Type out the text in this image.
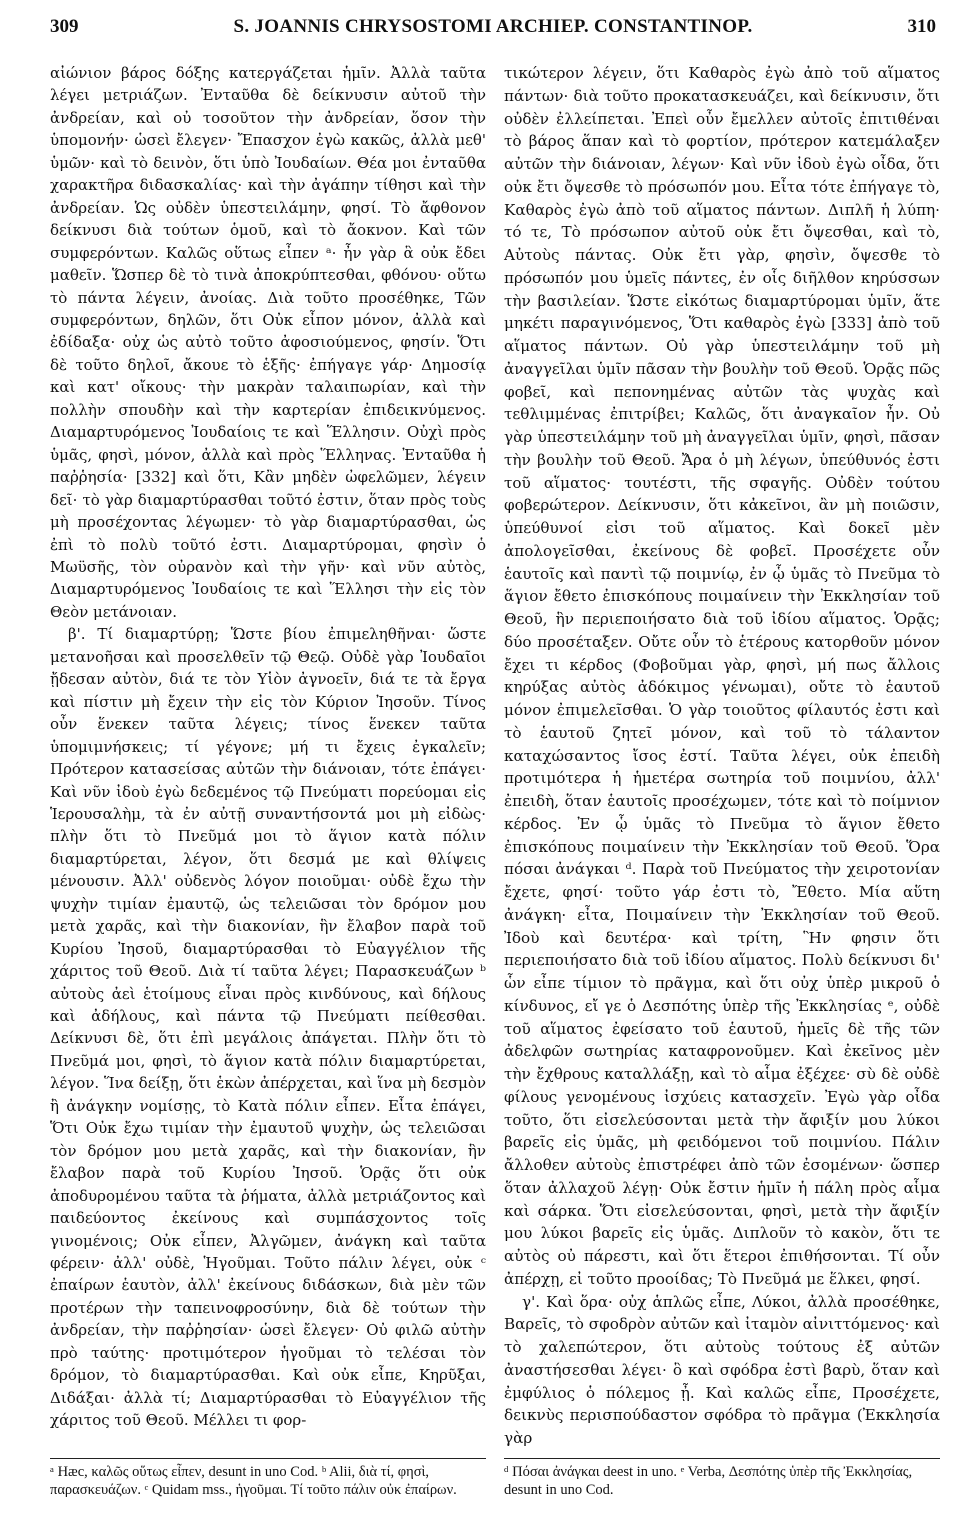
309	S. JOANNIS CHRYSOSTOMI ARCHIEP. CONSTANTINOP.	310

αἰώνιον βάρος δόξης κατεργάζεται ἡμῖν. Ἀλλὰ ταῦτα λέγει μετριάζων. Ἐνταῦθα δὲ δείκνυσιν αὐτοῦ τὴν ἀνδρείαν, καὶ οὐ τοσοῦτον τὴν ἀνδρείαν, ὅσον τὴν ὑπομονήν· ὡσεὶ ἔλεγεν· Ἔπασχον ἐγὼ κακῶς, ἀλλὰ μεθ' ὑμῶν· καὶ τὸ δεινὸν, ὅτι ὑπὸ Ἰουδαίων. Θέα μοι ἐνταῦθα χαρακτῆρα διδασκαλίας· καὶ τὴν ἀγάπην τίθησι καὶ τὴν ἀνδρείαν. Ὡς οὐδὲν ὑπεστειλάμην, φησί. Τὸ ἄφθονον δείκνυσι διὰ τούτων ὁμοῦ, καὶ τὸ ἄοκνον. Καὶ τῶν συμφερόντων. Καλῶς οὕτως εἶπεν ᵃ· ἦν γὰρ ἃ οὐκ ἔδει μαθεῖν. Ὥσπερ δὲ τὸ τινὰ ἀποκρύπτεσθαι, φθόνου· οὕτω τὸ πάντα λέγειν, ἀνοίας. Διὰ τοῦτο προσέθηκε, Τῶν συμφερόντων, δηλῶν, ὅτι Οὐκ εἶπον μόνον, ἀλλὰ καὶ ἐδίδαξα· οὐχ ὡς αὐτὸ τοῦτο ἀφοσιούμενος, φησίν. Ὅτι δὲ τοῦτο δηλοῖ, ἄκουε τὸ ἑξῆς· ἐπήγαγε γάρ· Δημοσίᾳ καὶ κατ' οἴκους· τὴν μακρὰν ταλαιπωρίαν, καὶ τὴν πολλὴν σπουδὴν καὶ τὴν καρτερίαν ἐπιδεικνύμενος. Διαμαρτυρόμενος Ἰουδαίοις τε καὶ Ἕλλησιν. Οὐχὶ πρὸς ὑμᾶς, φησὶ, μόνον, ἀλλὰ καὶ πρὸς Ἕλληνας. Ἐνταῦθα ἡ παῤῥησία· [332] καὶ ὅτι, Κἂν μηδὲν ὠφελῶμεν, λέγειν δεῖ· τὸ γὰρ διαμαρτύρασθαι τοῦτό ἐστιν, ὅταν πρὸς τοὺς μὴ προσέχοντας λέγωμεν· τὸ γὰρ διαμαρτύρασθαι, ὡς ἐπὶ τὸ πολὺ τοῦτό ἐστι. Διαμαρτύρομαι, φησὶν ὁ Μωϋσῆς, τὸν οὐρανὸν καὶ τὴν γῆν· καὶ νῦν αὐτὸς, Διαμαρτυρόμενος Ἰουδαίοις τε καὶ Ἕλλησι τὴν εἰς τὸν Θεὸν μετάνοιαν.

β'. Τί διαμαρτύρῃ; Ὥστε βίου ἐπιμεληθῆναι· ὥστε μετανοῆσαι καὶ προσελθεῖν τῷ Θεῷ. Οὐδὲ γὰρ Ἰουδαῖοι ᾔδεσαν αὐτὸν, διά τε τὸν Υἱὸν ἀγνοεῖν, διά τε τὰ ἔργα καὶ πίστιν μὴ ἔχειν τὴν εἰς τὸν Κύριον Ἰησοῦν. Τίνος οὖν ἕνεκεν ταῦτα λέγεις; τίνος ἕνεκεν ταῦτα ὑπομιμνήσκεις; τί γέγονε; μή τι ἔχεις ἐγκαλεῖν; Πρότερον κατασείσας αὐτῶν τὴν διάνοιαν, τότε ἐπάγει· Καὶ νῦν ἰδοὺ ἐγὼ δεδεμένος τῷ Πνεύματι πορεύομαι εἰς Ἱερουσαλὴμ, τὰ ἐν αὐτῇ συναντήσοντά μοι μὴ εἰδὼς· πλὴν ὅτι τὸ Πνεῦμά μοι τὸ ἅγιον κατὰ πόλιν διαμαρτύρεται, λέγον, ὅτι δεσμά με καὶ θλίψεις μένουσιν. Ἀλλ' οὐδενὸς λόγον ποιοῦμαι· οὐδὲ ἔχω τὴν ψυχὴν τιμίαν ἐμαυτῷ, ὡς τελειῶσαι τὸν δρόμον μου μετὰ χαρᾶς, καὶ τὴν διακονίαν, ἣν ἔλαβον παρὰ τοῦ Κυρίου Ἰησοῦ, διαμαρτύρασθαι τὸ Εὐαγγέλιον τῆς χάριτος τοῦ Θεοῦ. Διὰ τί ταῦτα λέγει; Παρασκευάζων ᵇ αὐτοὺς ἀεὶ ἑτοίμους εἶναι πρὸς κινδύνους, καὶ δήλους καὶ ἀδήλους, καὶ πάντα τῷ Πνεύματι πείθεσθαι. Δείκνυσι δὲ, ὅτι ἐπὶ μεγάλοις ἀπάγεται. Πλὴν ὅτι τὸ Πνεῦμά μοι, φησὶ, τὸ ἅγιον κατὰ πόλιν διαμαρτύρεται, λέγον. Ἵνα δείξῃ, ὅτι ἑκὼν ἀπέρχεται, καὶ ἵνα μὴ δεσμὸν ἢ ἀνάγκην νομίσῃς, τὸ Κατὰ πόλιν εἶπεν. Εἶτα ἐπάγει, Ὅτι Οὐκ ἔχω τιμίαν τὴν ἐμαυτοῦ ψυχὴν, ὡς τελειῶσαι τὸν δρόμον μου μετὰ χαρᾶς, καὶ τὴν διακονίαν, ἣν ἔλαβον παρὰ τοῦ Κυρίου Ἰησοῦ. Ὁρᾷς ὅτι οὐκ ἀποδυρομένου ταῦτα τὰ ῥήματα, ἀλλὰ μετριάζοντος καὶ παιδεύοντος ἐκείνους καὶ συμπάσχοντος τοῖς γινομένοις; Οὐκ εἶπεν, Ἀλγῶμεν, ἀνάγκη καὶ ταῦτα φέρειν· ἀλλ' οὐδὲ, Ἡγοῦμαι. Τοῦτο πάλιν λέγει, οὐκ ᶜ ἐπαίρων ἑαυτὸν, ἀλλ' ἐκείνους διδάσκων, διὰ μὲν τῶν προτέρων τὴν ταπεινοφροσύνην, διὰ δὲ τούτων τὴν ἀνδρείαν, τὴν παῤῥησίαν· ὡσεὶ ἔλεγεν· Οὐ φιλῶ αὐτὴν πρὸ ταύτης· προτιμότερον ἡγοῦμαι τὸ τελέσαι τὸν δρόμον, τὸ διαμαρτύρασθαι. Καὶ οὐκ εἶπε, Κηρῦξαι, Διδάξαι· ἀλλὰ τί; Διαμαρτύρασθαι τὸ Εὐαγγέλιον τῆς χάριτος τοῦ Θεοῦ. Μέλλει τι φορ-

τικώτερον λέγειν, ὅτι Καθαρὸς ἐγὼ ἀπὸ τοῦ αἵματος πάντων· διὰ τοῦτο προκατασκευάζει, καὶ δείκνυσιν, ὅτι οὐδὲν ἐλλείπεται. Ἐπεὶ οὖν ἔμελλεν αὐτοῖς ἐπιτιθέναι τὸ βάρος ἅπαν καὶ τὸ φορτίον, πρότερον κατεμάλαξεν αὐτῶν τὴν διάνοιαν, λέγων· Καὶ νῦν ἰδοὺ ἐγὼ οἶδα, ὅτι οὐκ ἔτι ὄψεσθε τὸ πρόσωπόν μου. Εἶτα τότε ἐπήγαγε τὸ, Καθαρὸς ἐγὼ ἀπὸ τοῦ αἵματος πάντων. Διπλῆ ἡ λύπη· τό τε, Τὸ πρόσωπον αὐτοῦ οὐκ ἔτι ὄψεσθαι, καὶ τὸ, Αὐτοὺς πάντας. Οὐκ ἔτι γὰρ, φησὶν, ὄψεσθε τὸ πρόσωπόν μου ὑμεῖς πάντες, ἐν οἷς διῆλθον κηρύσσων τὴν βασιλείαν. Ὥστε εἰκότως διαμαρτύρομαι ὑμῖν, ἅτε μηκέτι παραγινόμενος, Ὅτι καθαρὸς ἐγὼ [333] ἀπὸ τοῦ αἵματος πάντων. Οὐ γὰρ ὑπεστειλάμην τοῦ μὴ ἀναγγεῖλαι ὑμῖν πᾶσαν τὴν βουλὴν τοῦ Θεοῦ. Ὁρᾷς πῶς φοβεῖ, καὶ πεπονημένας αὐτῶν τὰς ψυχὰς καὶ τεθλιμμένας ἐπιτρίβει; Καλῶς, ὅτι ἀναγκαῖον ἦν. Οὐ γὰρ ὑπεστειλάμην τοῦ μὴ ἀναγγεῖλαι ὑμῖν, φησὶ, πᾶσαν τὴν βουλὴν τοῦ Θεοῦ. Ἄρα ὁ μὴ λέγων, ὑπεύθυνός ἐστι τοῦ αἵματος· τουτέστι, τῆς σφαγῆς. Οὐδὲν τούτου φοβερώτερον. Δείκνυσιν, ὅτι κἀκεῖνοι, ἂν μὴ ποιῶσιν, ὑπεύθυνοί εἰσι τοῦ αἵματος. Καὶ δοκεῖ μὲν ἀπολογεῖσθαι, ἐκείνους δὲ φοβεῖ. Προσέχετε οὖν ἑαυτοῖς καὶ παντὶ τῷ ποιμνίῳ, ἐν ᾧ ὑμᾶς τὸ Πνεῦμα τὸ ἅγιον ἔθετο ἐπισκόπους ποιμαίνειν τὴν Ἐκκλησίαν τοῦ Θεοῦ, ἣν περιεποιήσατο διὰ τοῦ ἰδίου αἵματος. Ὁρᾷς; δύο προσέταξεν. Οὔτε οὖν τὸ ἑτέρους κατορθοῦν μόνον ἔχει τι κέρδος (Φοβοῦμαι γὰρ, φησὶ, μή πως ἄλλοις κηρύξας αὐτὸς ἀδόκιμος γένωμαι), οὔτε τὸ ἑαυτοῦ μόνον ἐπιμελεῖσθαι. Ὁ γὰρ τοιοῦτος φίλαυτός ἐστι καὶ τὸ ἑαυτοῦ ζητεῖ μόνον, καὶ τοῦ τὸ τάλαντον καταχώσαντος ἴσος ἐστί. Ταῦτα λέγει, οὐκ ἐπειδὴ προτιμότερα ἡ ἡμετέρα σωτηρία τοῦ ποιμνίου, ἀλλ' ἐπειδὴ, ὅταν ἑαυτοῖς προσέχωμεν, τότε καὶ τὸ ποίμνιον κέρδος. Ἐν ᾧ ὑμᾶς τὸ Πνεῦμα τὸ ἅγιον ἔθετο ἐπισκόπους ποιμαίνειν τὴν Ἐκκλησίαν τοῦ Θεοῦ. Ὅρα πόσαι ἀνάγκαι ᵈ. Παρὰ τοῦ Πνεύματος τὴν χειροτονίαν ἔχετε, φησί· τοῦτο γάρ ἐστι τὸ, Ἔθετο. Μία αὕτη ἀνάγκη· εἶτα, Ποιμαίνειν τὴν Ἐκκλησίαν τοῦ Θεοῦ. Ἰδοὺ καὶ δευτέρα· καὶ τρίτη, Ἣν φησιν ὅτι περιεποιήσατο διὰ τοῦ ἰδίου αἵματος. Πολὺ δείκνυσι δι' ὧν εἶπε τίμιον τὸ πρᾶγμα, καὶ ὅτι οὐχ ὑπὲρ μικροῦ ὁ κίνδυνος, εἴ γε ὁ Δεσπότης ὑπὲρ τῆς Ἐκκλησίας ᵉ, οὐδὲ τοῦ αἵματος ἐφείσατο τοῦ ἑαυτοῦ, ἡμεῖς δὲ τῆς τῶν ἀδελφῶν σωτηρίας καταφρονοῦμεν. Καὶ ἐκεῖνος μὲν τὴν ἔχθρους καταλλάξῃ, καὶ τὸ αἷμα ἐξέχεε· σὺ δὲ οὐδὲ φίλους γενομένους ἰσχύεις κατασχεῖν. Ἐγὼ γὰρ οἶδα τοῦτο, ὅτι εἰσελεύσονται μετὰ τὴν ἄφιξίν μου λύκοι βαρεῖς εἰς ὑμᾶς, μὴ φειδόμενοι τοῦ ποιμνίου. Πάλιν ἄλλοθεν αὐτοὺς ἐπιστρέφει ἀπὸ τῶν ἐσομένων· ὥσπερ ὅταν ἀλλαχοῦ λέγῃ· Οὐκ ἔστιν ἡμῖν ἡ πάλη πρὸς αἷμα καὶ σάρκα. Ὅτι εἰσελεύσονται, φησὶ, μετὰ τὴν ἄφιξίν μου λύκοι βαρεῖς εἰς ὑμᾶς. Διπλοῦν τὸ κακὸν, ὅτι τε αὐτὸς οὐ πάρεστι, καὶ ὅτι ἕτεροι ἐπιθήσονται. Τί οὖν ἀπέρχῃ, εἰ τοῦτο προοίδας; Τὸ Πνεῦμά με ἕλκει, φησί.

γ'. Καὶ ὅρα· οὐχ ἁπλῶς εἶπε, Λύκοι, ἀλλὰ προσέθηκε, Βαρεῖς, τὸ σφοδρὸν αὐτῶν καὶ ἰταμὸν αἰνιττόμενος· καὶ τὸ χαλεπώτερον, ὅτι αὐτοὺς τούτους ἐξ αὐτῶν ἀναστήσεσθαι λέγει· ὃ καὶ σφόδρα ἐστὶ βαρὺ, ὅταν καὶ ἐμφύλιος ὁ πόλεμος ᾖ. Καὶ καλῶς εἶπε, Προσέχετε, δεικνὺς περισπούδαστον σφόδρα τὸ πρᾶγμα (Ἐκκλησία γὰρ

ᵃ Hæc, καλῶς οὕτως εἶπεν, desunt in uno Cod. ᵇ Alii, διὰ τί, φησὶ, παρασκευάζων. ᶜ Quidam mss., ἡγοῦμαι. Τί τοῦτο πάλιν οὐκ ἐπαίρων.
ᵈ Πόσαι ἀνάγκαι deest in uno. ᵉ Verba, Δεσπότης ὑπὲρ τῆς Ἐκκλησίας, desunt in uno Cod.
